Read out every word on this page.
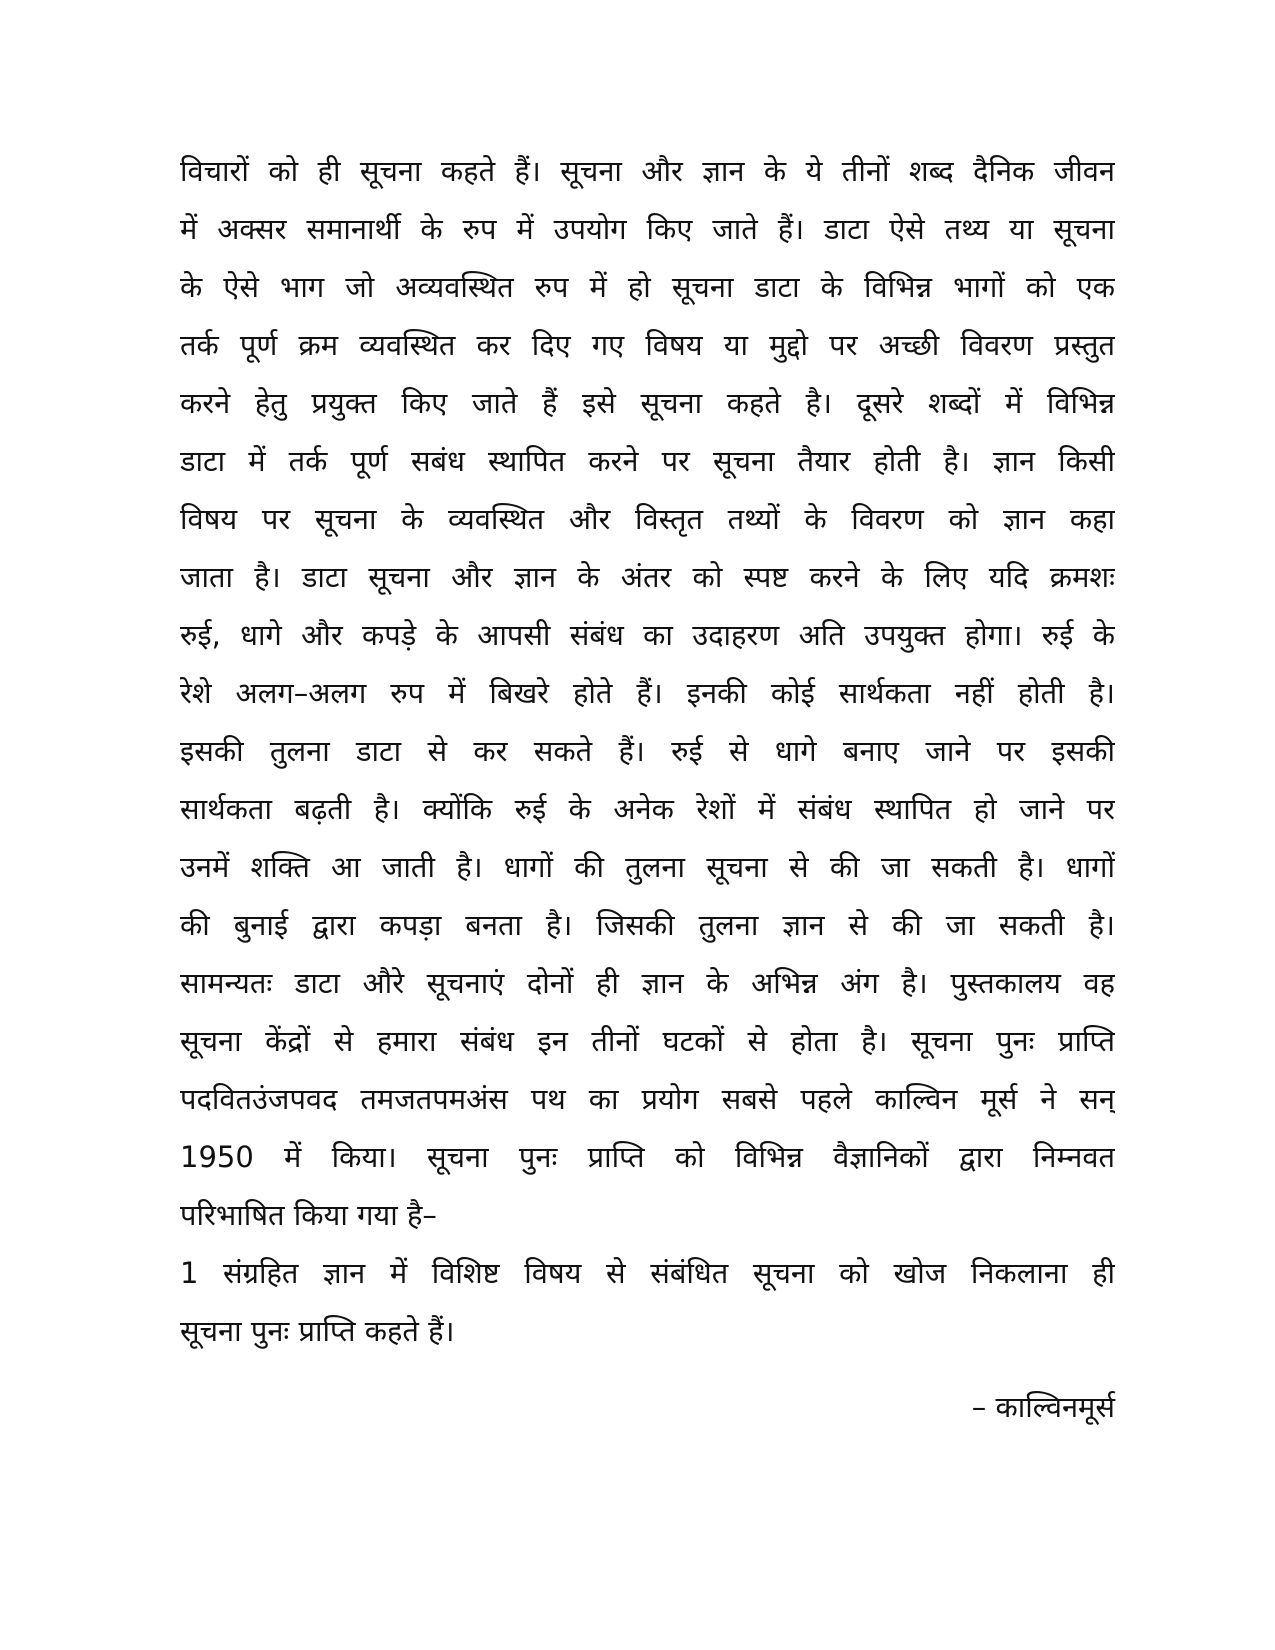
विचारों को ही सूचना कहते हैं। सूचना और ज्ञान के ये तीनों शब्द दैनिक जीवन
में अक्सर समानार्थी के रुप में उपयोग किए जाते हैं। डाटा ऐसे तथ्य या सूचना
के ऐसे भाग जो अव्यवस्थित रुप में हो सूचना डाटा के विभिन्न भागों को एक
तर्क पूर्ण क्रम व्यवस्थित कर दिए गए विषय या मुद्दो पर अच्छी विवरण प्रस्तुत
करने हेतु प्रयुक्त किए जाते हैं इसे सूचना कहते है। दूसरे शब्दों में विभिन्न
डाटा में तर्क पूर्ण सबंध स्थापित करने पर सूचना तैयार होती है। ज्ञान किसी
विषय पर सूचना के व्यवस्थित और विस्तृत तथ्यों के विवरण को ज्ञान कहा
जाता है। डाटा सूचना और ज्ञान के अंतर को स्पष्ट करने के लिए यदि क्रमशः
रुई, धागे और कपड़े के आपसी संबंध का उदाहरण अति उपयुक्त होगा। रुई के
रेशे अलग–अलग रुप में बिखरे होते हैं। इनकी कोई सार्थकता नहीं होती है।
इसकी तुलना डाटा से कर सकते हैं। रुई से धागे बनाए जाने पर इसकी
सार्थकता बढ़ती है। क्योंकि रुई के अनेक रेशों में संबंध स्थापित हो जाने पर
उनमें शक्ति आ जाती है। धागों की तुलना सूचना से की जा सकती है। धागों
की बुनाई द्वारा कपड़ा बनता है। जिसकी तुलना ज्ञान से की जा सकती है।
सामन्यतः डाटा औरे सूचनाएं दोनों ही ज्ञान के अभिन्न अंग है। पुस्तकालय वह
सूचना केंद्रों से हमारा संबंध इन तीनों घटकों से होता है। सूचना पुनः प्राप्ति
पदवितउंजपवद तमजतपमअंस पथ का प्रयोग सबसे पहले काल्विन मूर्स ने सन्
1950 में किया। सूचना पुनः प्राप्ति को विभिन्न वैज्ञानिकों द्वारा निम्नवत
परिभाषित किया गया है–
1 संग्रहित ज्ञान में विशिष्ट विषय से संबंधित सूचना को खोज निकलाना ही
सूचना पुनः प्राप्ति कहते हैं।
– काल्विनमूर्स
